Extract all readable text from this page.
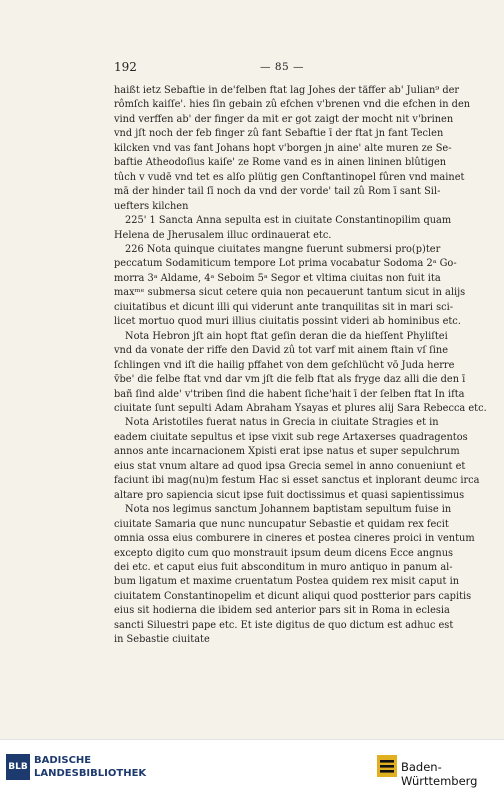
192	— 85 —
haißt ietz Sebaftie in de'felben ftat lag Johes der täffer ab' Julian⁹ der
rômſch kaiſſe'. hies ſin gebain zû efchen v'brenen vnd die efchen in den
vind verffen ab' der finger da mit er got zaigt der mocht nit v'brinen
vnd jſt noch der feb finger zû fant Sebaftie ī der ftat jn fant Teclen
kilcken vnd vas fant Johans hopt v'borgen jn aine' alte muren ze Se-
baftie Atheodoſius kaiſe' ze Rome vand es in ainen lininen blûtigen
tûch v vudē vnd tet es alſo plütig gen Conftantinopel fûren vnd mainet
mā der hinder tail ſī noch da vnd der vorde' tail zû Rom ī sant Sil-
uefters kilchen
225' 1 Sancta Anna sepulta est in ciuitate Constantinopilim quam
Helena de Jherusalem illuc ordinauerat etc.
226 Nota quinque ciuitates mangne fuerunt submersi pro(p)ter
peccatum Sodamiticum tempore Lot prima vocabatur Sodoma 2ᵃ Go-
morra 3ᵃ Aldame, 4ᵃ Seboim 5ᵃ Segor et vltima ciuitas non fuit ita
maxᵐᵉ submersa sicut cetere quia non pecauerunt tantum sicut in alijs
ciuitatibus et dicunt illi qui viderunt ante tranquilitas sit in mari sci-
licet mortuo quod muri illius ciuitatis possint videri ab hominibus etc.
Nota Hebron jſt ain hopt ftat geſin deran die da hieſſent Phyliſtei
vnd da vonate der riffe den David zû tot varf mit ainem ftain vſ ſine
ſchlingen vnd iſt die hailig pffahet von dem geſchlücht vō Juda herre
v̄be' die felbe ftat vnd dar vm jſt die felb ftat als fryge daz alli die den ī
bañ ſind alde' v'triben ſind die habent ſiche'hait ī der ſelben ftat In ifta
ciuitate ſunt sepulti Adam Abraham Ysayas et plures alij Sara Rebecca etc.
Nota Aristotiles fuerat natus in Grecia in ciuitate Stragies et in
eadem ciuitate sepultus et ipse vixit sub rege Artaxerses quadragentos
annos ante incarnacionem Xpisti erat ipse natus et super sepulchrum
eius stat vnum altare ad quod ipsa Grecia semel in anno conueniunt et
faciunt ibi mag(nu)m festum Hac si esset sanctus et inplorant deumc irca
altare pro sapiencia sicut ipse fuit doctissimus et quasi sapientissimus
Nota nos legimus sanctum Johannem baptistam sepultum fuise in
ciuitate Samaria que nunc nuncupatur Sebastie et quidam rex fecit
omnia ossa eius comburere in cineres et postea cineres proici in ventum
excepto digito cum quo monstrauit ipsum deum dicens Ecce angnus
dei etc. et caput eius fuit absconditum in muro antiquo in panum al-
bum ligatum et maxime cruentatum Postea quidem rex misit caput in
ciuitatem Constantinopelim et dicunt aliqui quod postterior pars capitis
eius sit hodierna die ibidem sed anterior pars sit in Roma in eclesia
sancti Siluestri pape etc. Et iste digitus de quo dictum est adhuc est
in Sebastie ciuitate
BLB
BADISCHE
LANDESBIBLIOTHEK	Baden-Württemberg
